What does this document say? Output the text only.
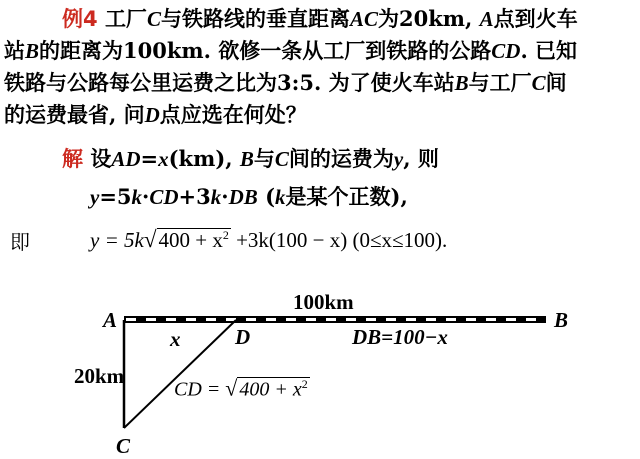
例4 工厂C与铁路线的垂直距离AC为20km, A点到火车
站B的距离为100km. 欲修一条从工厂到铁路的公路CD. 已知
铁路与公路每公里运费之比为3:5. 为了使火车站B与工厂C间
的运费最省, 问D点应选在何处？
解 设AD=x(km), B与C间的运费为y, 则
y=5k·CD+3k·DB (k是某个正数),
即	$y = 5k√400 + x^2 +3k(100 - x)$ (0≤x≤100).
A	B
C
D
x
100km
20km
DB=100−x
CD = √ $400 + x^2$
